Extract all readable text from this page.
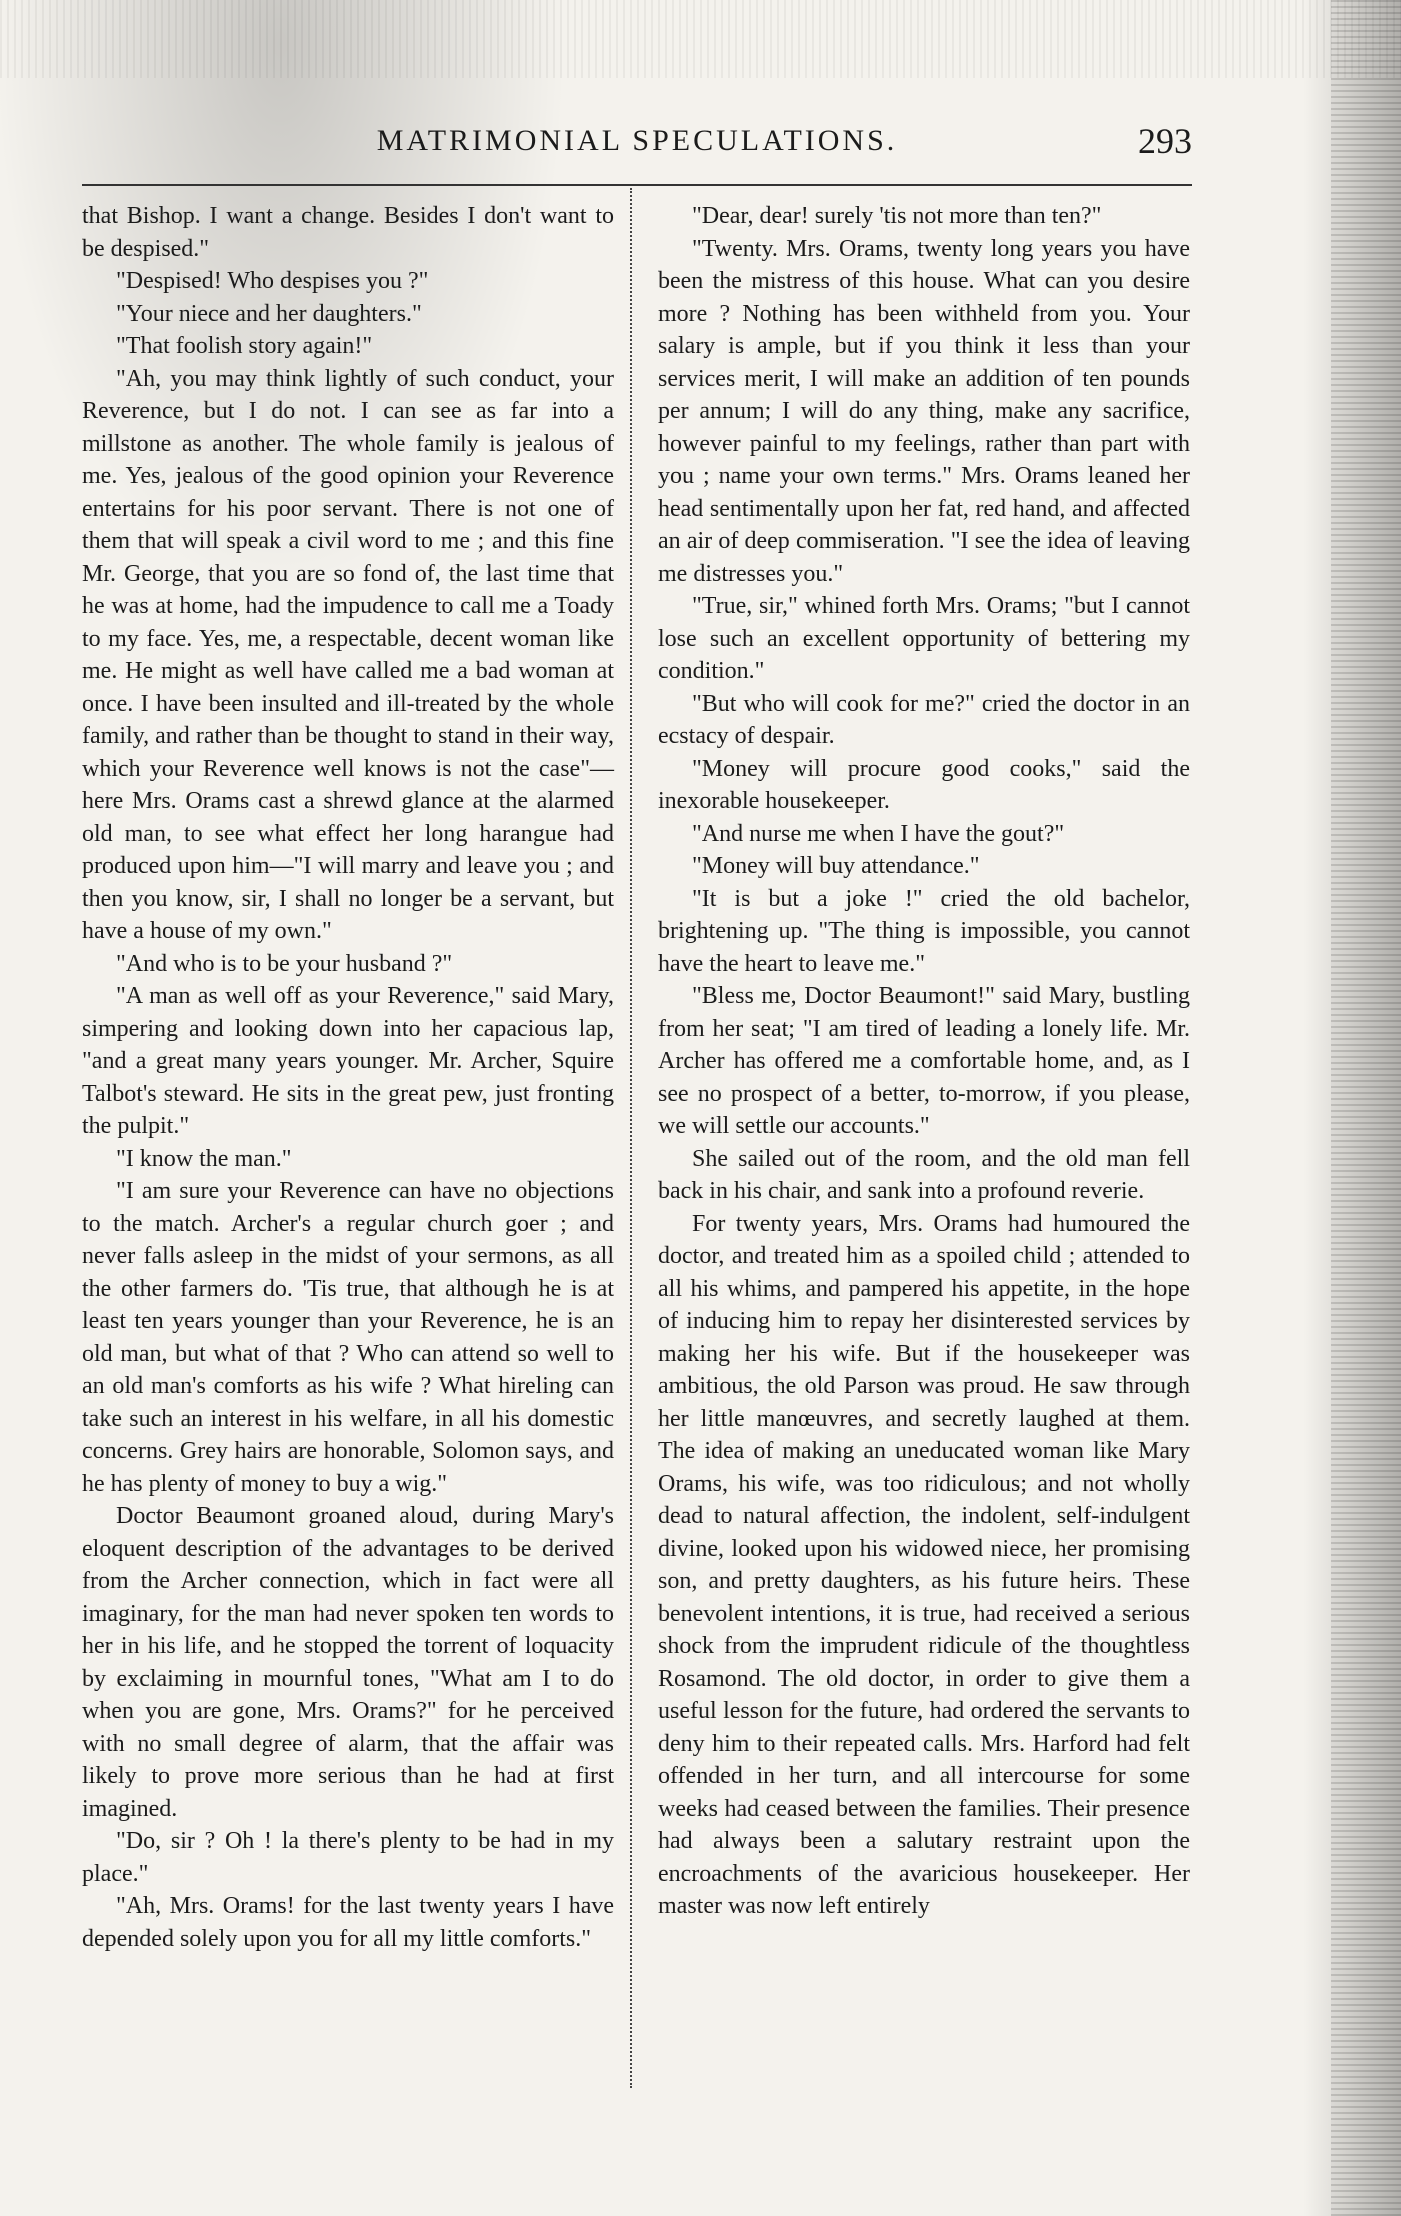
MATRIMONIAL SPECULATIONS.	293

that Bishop. I want a change. Besides I don't want to be despised."

"Despised! Who despises you ?"

"Your niece and her daughters."

"That foolish story again!"

"Ah, you may think lightly of such conduct, your Reverence, but I do not. I can see as far into a millstone as another. The whole family is jealous of me. Yes, jealous of the good opinion your Reverence entertains for his poor servant. There is not one of them that will speak a civil word to me ; and this fine Mr. George, that you are so fond of, the last time that he was at home, had the impudence to call me a Toady to my face. Yes, me, a respectable, decent woman like me. He might as well have called me a bad woman at once. I have been insulted and ill-treated by the whole family, and rather than be thought to stand in their way, which your Reverence well knows is not the case"— here Mrs. Orams cast a shrewd glance at the alarmed old man, to see what effect her long harangue had produced upon him—"I will marry and leave you ; and then you know, sir, I shall no longer be a servant, but have a house of my own."

"And who is to be your husband ?"

"A man as well off as your Reverence," said Mary, simpering and looking down into her capacious lap, "and a great many years younger. Mr. Archer, Squire Talbot's steward. He sits in the great pew, just fronting the pulpit."

"I know the man."

"I am sure your Reverence can have no objections to the match. Archer's a regular church goer ; and never falls asleep in the midst of your sermons, as all the other farmers do. 'Tis true, that although he is at least ten years younger than your Reverence, he is an old man, but what of that ? Who can attend so well to an old man's comforts as his wife ? What hireling can take such an interest in his welfare, in all his domestic concerns. Grey hairs are honorable, Solomon says, and he has plenty of money to buy a wig."

Doctor Beaumont groaned aloud, during Mary's eloquent description of the advantages to be derived from the Archer connection, which in fact were all imaginary, for the man had never spoken ten words to her in his life, and he stopped the torrent of loquacity by exclaiming in mournful tones, "What am I to do when you are gone, Mrs. Orams?" for he perceived with no small degree of alarm, that the affair was likely to prove more serious than he had at first imagined.

"Do, sir ? Oh ! la there's plenty to be had in my place."

"Ah, Mrs. Orams! for the last twenty years I have depended solely upon you for all my little comforts."

"Dear, dear! surely 'tis not more than ten?"

"Twenty. Mrs. Orams, twenty long years you have been the mistress of this house. What can you desire more ? Nothing has been withheld from you. Your salary is ample, but if you think it less than your services merit, I will make an addition of ten pounds per annum; I will do any thing, make any sacrifice, however painful to my feelings, rather than part with you ; name your own terms." Mrs. Orams leaned her head sentimentally upon her fat, red hand, and affected an air of deep commiseration. "I see the idea of leaving me distresses you."

"True, sir," whined forth Mrs. Orams; "but I cannot lose such an excellent opportunity of bettering my condition."

"But who will cook for me?" cried the doctor in an ecstacy of despair.

"Money will procure good cooks," said the inexorable housekeeper.

"And nurse me when I have the gout?"

"Money will buy attendance."

"It is but a joke !" cried the old bachelor, brightening up. "The thing is impossible, you cannot have the heart to leave me."

"Bless me, Doctor Beaumont!" said Mary, bustling from her seat; "I am tired of leading a lonely life. Mr. Archer has offered me a comfortable home, and, as I see no prospect of a better, to-morrow, if you please, we will settle our accounts."

She sailed out of the room, and the old man fell back in his chair, and sank into a profound reverie.

For twenty years, Mrs. Orams had humoured the doctor, and treated him as a spoiled child ; attended to all his whims, and pampered his appetite, in the hope of inducing him to repay her disinterested services by making her his wife. But if the housekeeper was ambitious, the old Parson was proud. He saw through her little manœuvres, and secretly laughed at them. The idea of making an uneducated woman like Mary Orams, his wife, was too ridiculous; and not wholly dead to natural affection, the indolent, self-indulgent divine, looked upon his widowed niece, her promising son, and pretty daughters, as his future heirs. These benevolent intentions, it is true, had received a serious shock from the imprudent ridicule of the thoughtless Rosamond. The old doctor, in order to give them a useful lesson for the future, had ordered the servants to deny him to their repeated calls. Mrs. Harford had felt offended in her turn, and all intercourse for some weeks had ceased between the families. Their presence had always been a salutary restraint upon the encroachments of the avaricious housekeeper. Her master was now left entirely
